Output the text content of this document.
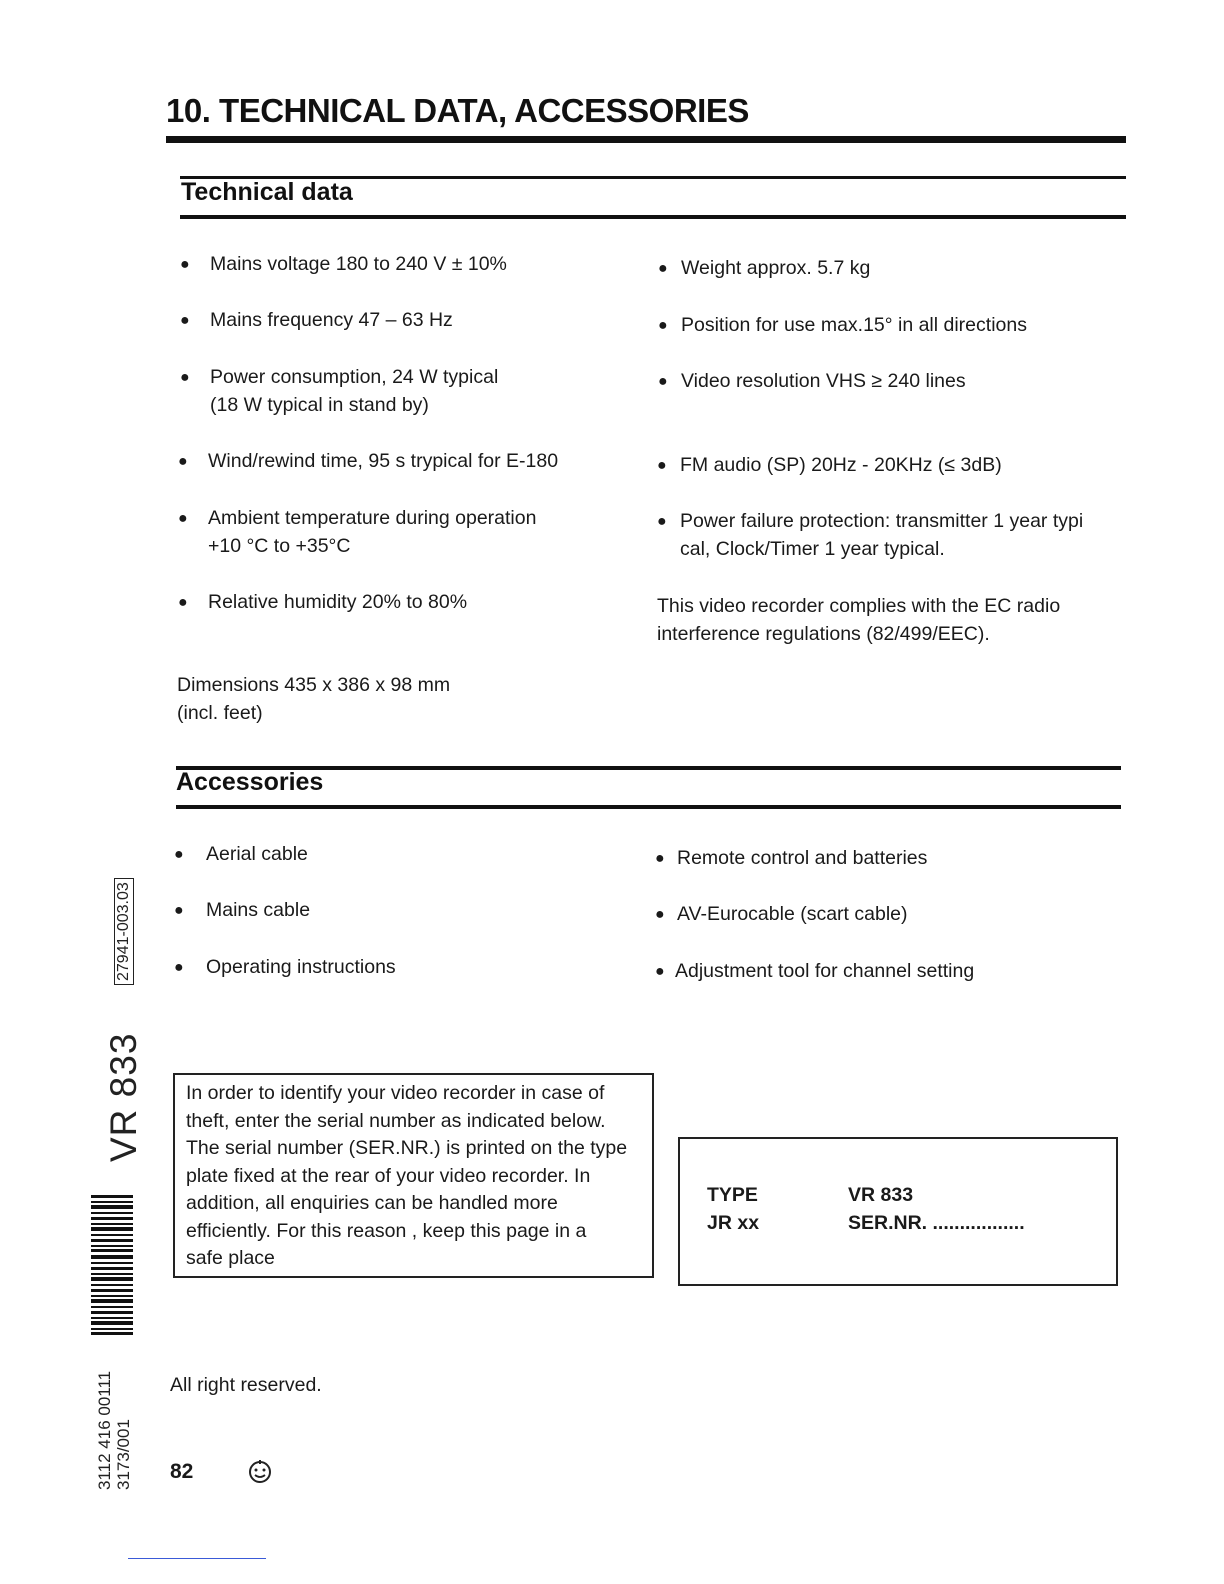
10. TECHNICAL DATA, ACCESSORIES
Technical data
● Mains voltage 180 to 240 V ± 10%
● Mains frequency 47 – 63 Hz
● Power consumption, 24 W typical
(18 W typical in stand by)
● Wind/rewind time, 95 s trypical for E-180
● Ambient temperature during operation
+10 °C to +35°C
● Relative humidity 20% to 80%
● Weight approx. 5.7 kg
● Position for use max.15° in all directions
● Video resolution VHS ≥ 240 lines
● FM audio (SP) 20Hz - 20KHz (≤ 3dB)
● Power failure protection: transmitter 1 year typi
cal, Clock/Timer 1 year typical.
This video recorder complies with the EC radio
interference regulations (82/499/EEC).
Dimensions 435 x 386 x 98 mm
(incl. feet)
Accessories
● Aerial cable
● Mains cable
● Operating instructions
● Remote control and batteries
● AV-Eurocable (scart cable)
● Adjustment tool for channel setting
In order to identify your video recorder in case of
theft, enter the serial number as indicated below.
The serial number (SER.NR.) is printed on the type
plate fixed at the rear of your video recorder. In
addition, all enquiries can be handled more
efficiently. For this reason , keep this page in a
safe place
TYPE	VR 833
JR xx	SER.NR. .................
All right reserved.
82
27941-003.03
VR 833
3112 416 00111 3173/001
